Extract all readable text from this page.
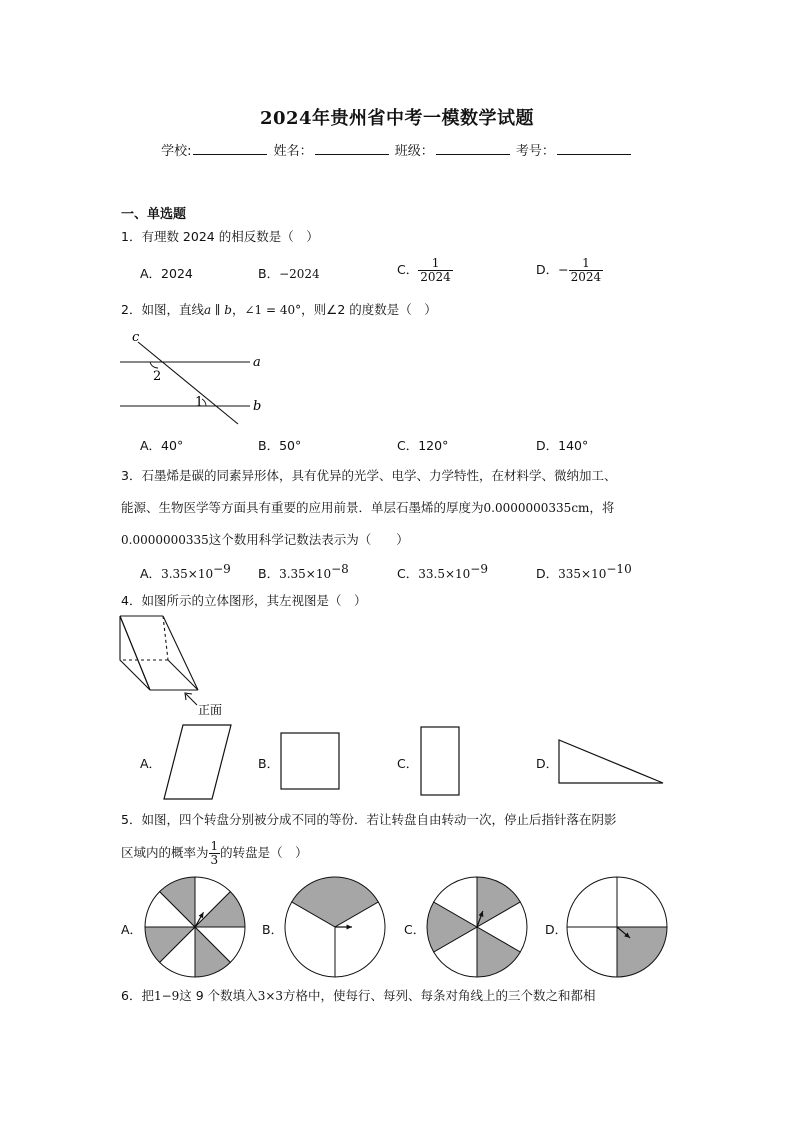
2024年贵州省中考一模数学试题
学校:	姓名：	班级：	考号：
一、单选题
1．有理数 2024 的相反数是（　）
A．2024	B．−2024	C． $\frac{1}{2024}$	D．− $\frac{1}{2024}$
2．如图，直线a ∥ b，∠1 = 40°，则∠2 的度数是（　）
c
a
b
2
1
A．40°	B．50°	C．120°	D．140°
3．石墨烯是碳的同素异形体，具有优异的光学、电学、力学特性，在材料学、微纳加工、
能源、生物医学等方面具有重要的应用前景．单层石墨烯的厚度为0.0000000335cm，将
0.0000000335这个数用科学记数法表示为（　　）
A．$3.35\times 10^{-9}$ B．$3.35\times 10^{-8}$	C．$33.5\times 10^{-9}$	D．$335\times 10^{-10}$
4．如图所示的立体图形，其左视图是（　）
正面
A．	B．	C．	D．
5．如图，四个转盘分别被分成不同的等份．若让转盘自由转动一次，停止后指针落在阴影
区域内的概率为 $\frac{1}{3}$ 的转盘是（　）
A．	B．	C．	D．
6．把1−9这 9 个数填入3×3方格中，使每行、每列、每条对角线上的三个数之和都相
